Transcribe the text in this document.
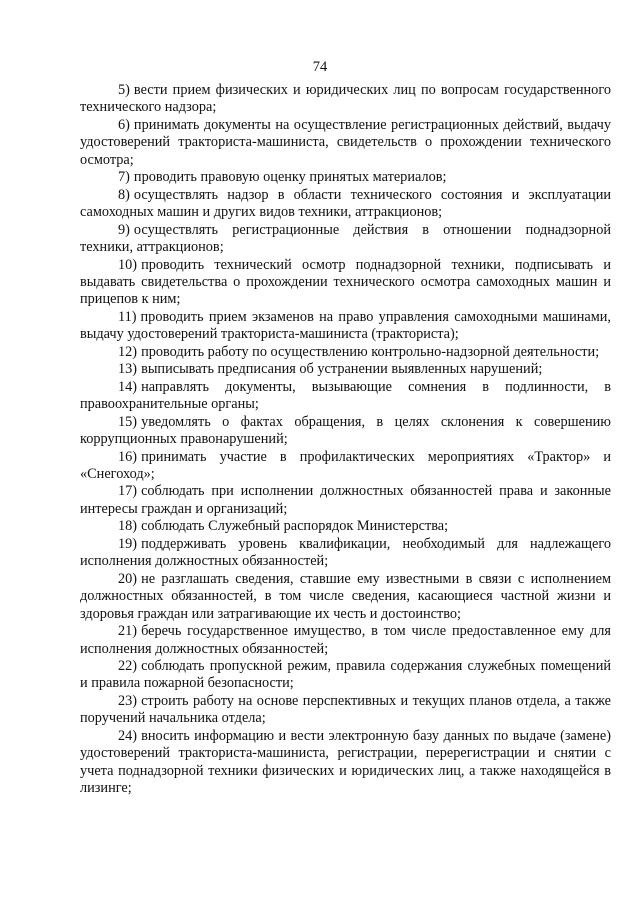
74

5) вести прием физических и юридических лиц по вопросам государственного технического надзора;

6) принимать документы на осуществление регистрационных действий, выдачу удостоверений тракториста-машиниста, свидетельств о прохождении технического осмотра;

7) проводить правовую оценку принятых материалов;

8) осуществлять надзор в области технического состояния и эксплуатации самоходных машин и других видов техники, аттракционов;

9) осуществлять регистрационные действия в отношении поднадзорной техники, аттракционов;

10) проводить технический осмотр поднадзорной техники, подписывать и выдавать свидетельства о прохождении технического осмотра самоходных машин и прицепов к ним;

11) проводить прием экзаменов на право управления самоходными машинами, выдачу удостоверений тракториста-машиниста (тракториста);

12) проводить работу по осуществлению контрольно-надзорной деятельности;

13) выписывать предписания об устранении выявленных нарушений;

14) направлять документы, вызывающие сомнения в подлинности, в правоохранительные органы;

15) уведомлять о фактах обращения, в целях склонения к совершению коррупционных правонарушений;

16) принимать участие в профилактических мероприятиях «Трактор» и «Снегоход»;

17) соблюдать при исполнении должностных обязанностей права и законные интересы граждан и организаций;

18) соблюдать Служебный распорядок Министерства;

19) поддерживать уровень квалификации, необходимый для надлежащего исполнения должностных обязанностей;

20) не разглашать сведения, ставшие ему известными в связи с исполнением должностных обязанностей, в том числе сведения, касающиеся частной жизни и здоровья граждан или затрагивающие их честь и достоинство;

21) беречь государственное имущество, в том числе предоставленное ему для исполнения должностных обязанностей;

22) соблюдать пропускной режим, правила содержания служебных помещений и правила пожарной безопасности;

23) строить работу на основе перспективных и текущих планов отдела, а также поручений начальника отдела;

24) вносить информацию и вести электронную базу данных по выдаче (замене) удостоверений тракториста-машиниста, регистрации, перерегистрации и снятии с учета поднадзорной техники физических и юридических лиц, а также находящейся в лизинге;
